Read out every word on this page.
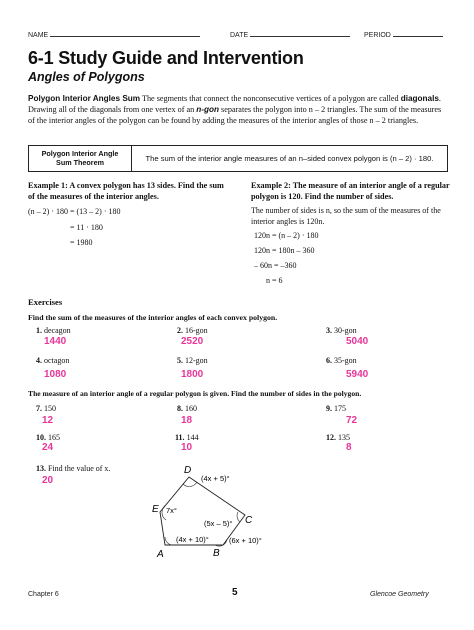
NAME	DATE	PERIOD
6-1 Study Guide and Intervention
Angles of Polygons
Polygon Interior Angles Sum The segments that connect the nonconsecutive vertices of a polygon are called diagonals. Drawing all of the diagonals from one vertex of an n-gon separates the polygon into n – 2 triangles. The sum of the measures of the interior angles of the polygon can be found by adding the measures of the interior angles of those n – 2 triangles.
Polygon Interior Angle Sum Theorem	The sum of the interior angle measures of an n–sided convex polygon is (n – 2) · 180.
Example 1: A convex polygon has 13 sides. Find the sum of the measures of the interior angles.
(n – 2) · 180 = (13 – 2) · 180
= 11 · 180
= 1980
Example 2: The measure of an interior angle of a regular polygon is 120. Find the number of sides.
The number of sides is n, so the sum of the measures of the interior angles is 120n.
120n = (n – 2) · 180
120n = 180n – 360
– 60n = –360
n = 6
Exercises
Find the sum of the measures of the interior angles of each convex polygon.
1. decagon
1440
2. 16-gon
2520
3. 30-gon
5040
4. octagon
1080
5. 12-gon
1800
6. 35-gon
5940
The measure of an interior angle of a regular polygon is given. Find the number of sides in the polygon.
7. 150
12
8. 160
18
9. 175
72
10. 165
24
11. 144
10
12. 135
8
13. Find the value of x.
20
D
E
C
A	B
(4x + 5)°
7x°
(5x – 5)°
(4x + 10)°	(6x + 10)°
Chapter 6	5	Glencoe Geometry
